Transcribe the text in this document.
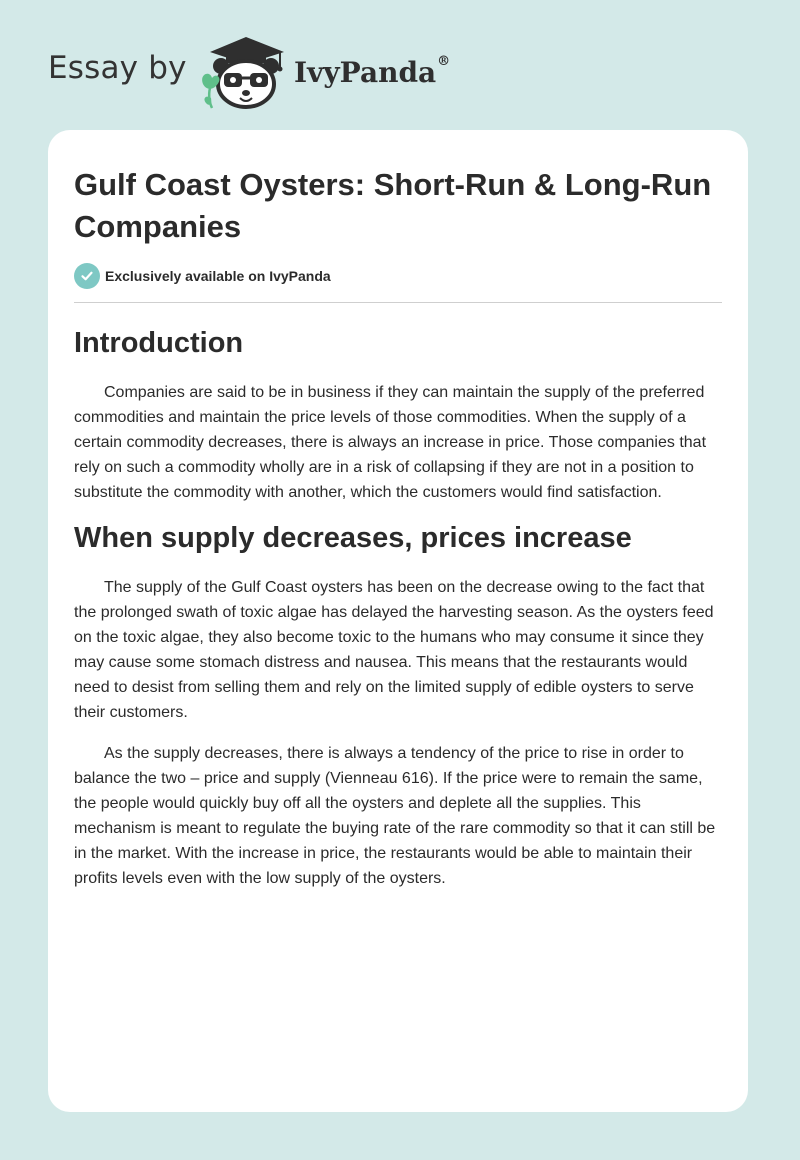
Essay by	IvyPanda®
Gulf Coast Oysters: Short-Run & Long-Run Companies
Exclusively available on IvyPanda
Introduction

Companies are said to be in business if they can maintain the supply of the preferred commodities and maintain the price levels of those commodities. When the supply of a certain commodity decreases, there is always an increase in price. Those companies that rely on such a commodity wholly are in a risk of collapsing if they are not in a position to substitute the commodity with another, which the customers would find satisfaction.

When supply decreases, prices increase

The supply of the Gulf Coast oysters has been on the decrease owing to the fact that the prolonged swath of toxic algae has delayed the harvesting season. As the oysters feed on the toxic algae, they also become toxic to the humans who may consume it since they may cause some stomach distress and nausea. This means that the restaurants would need to desist from selling them and rely on the limited supply of edible oysters to serve their customers.

As the supply decreases, there is always a tendency of the price to rise in order to balance the two – price and supply (Vienneau 616). If the price were to remain the same, the people would quickly buy off all the oysters and deplete all the supplies. This mechanism is meant to regulate the buying rate of the rare commodity so that it can still be in the market. With the increase in price, the restaurants would be able to maintain their profits levels even with the low supply of the oysters.
